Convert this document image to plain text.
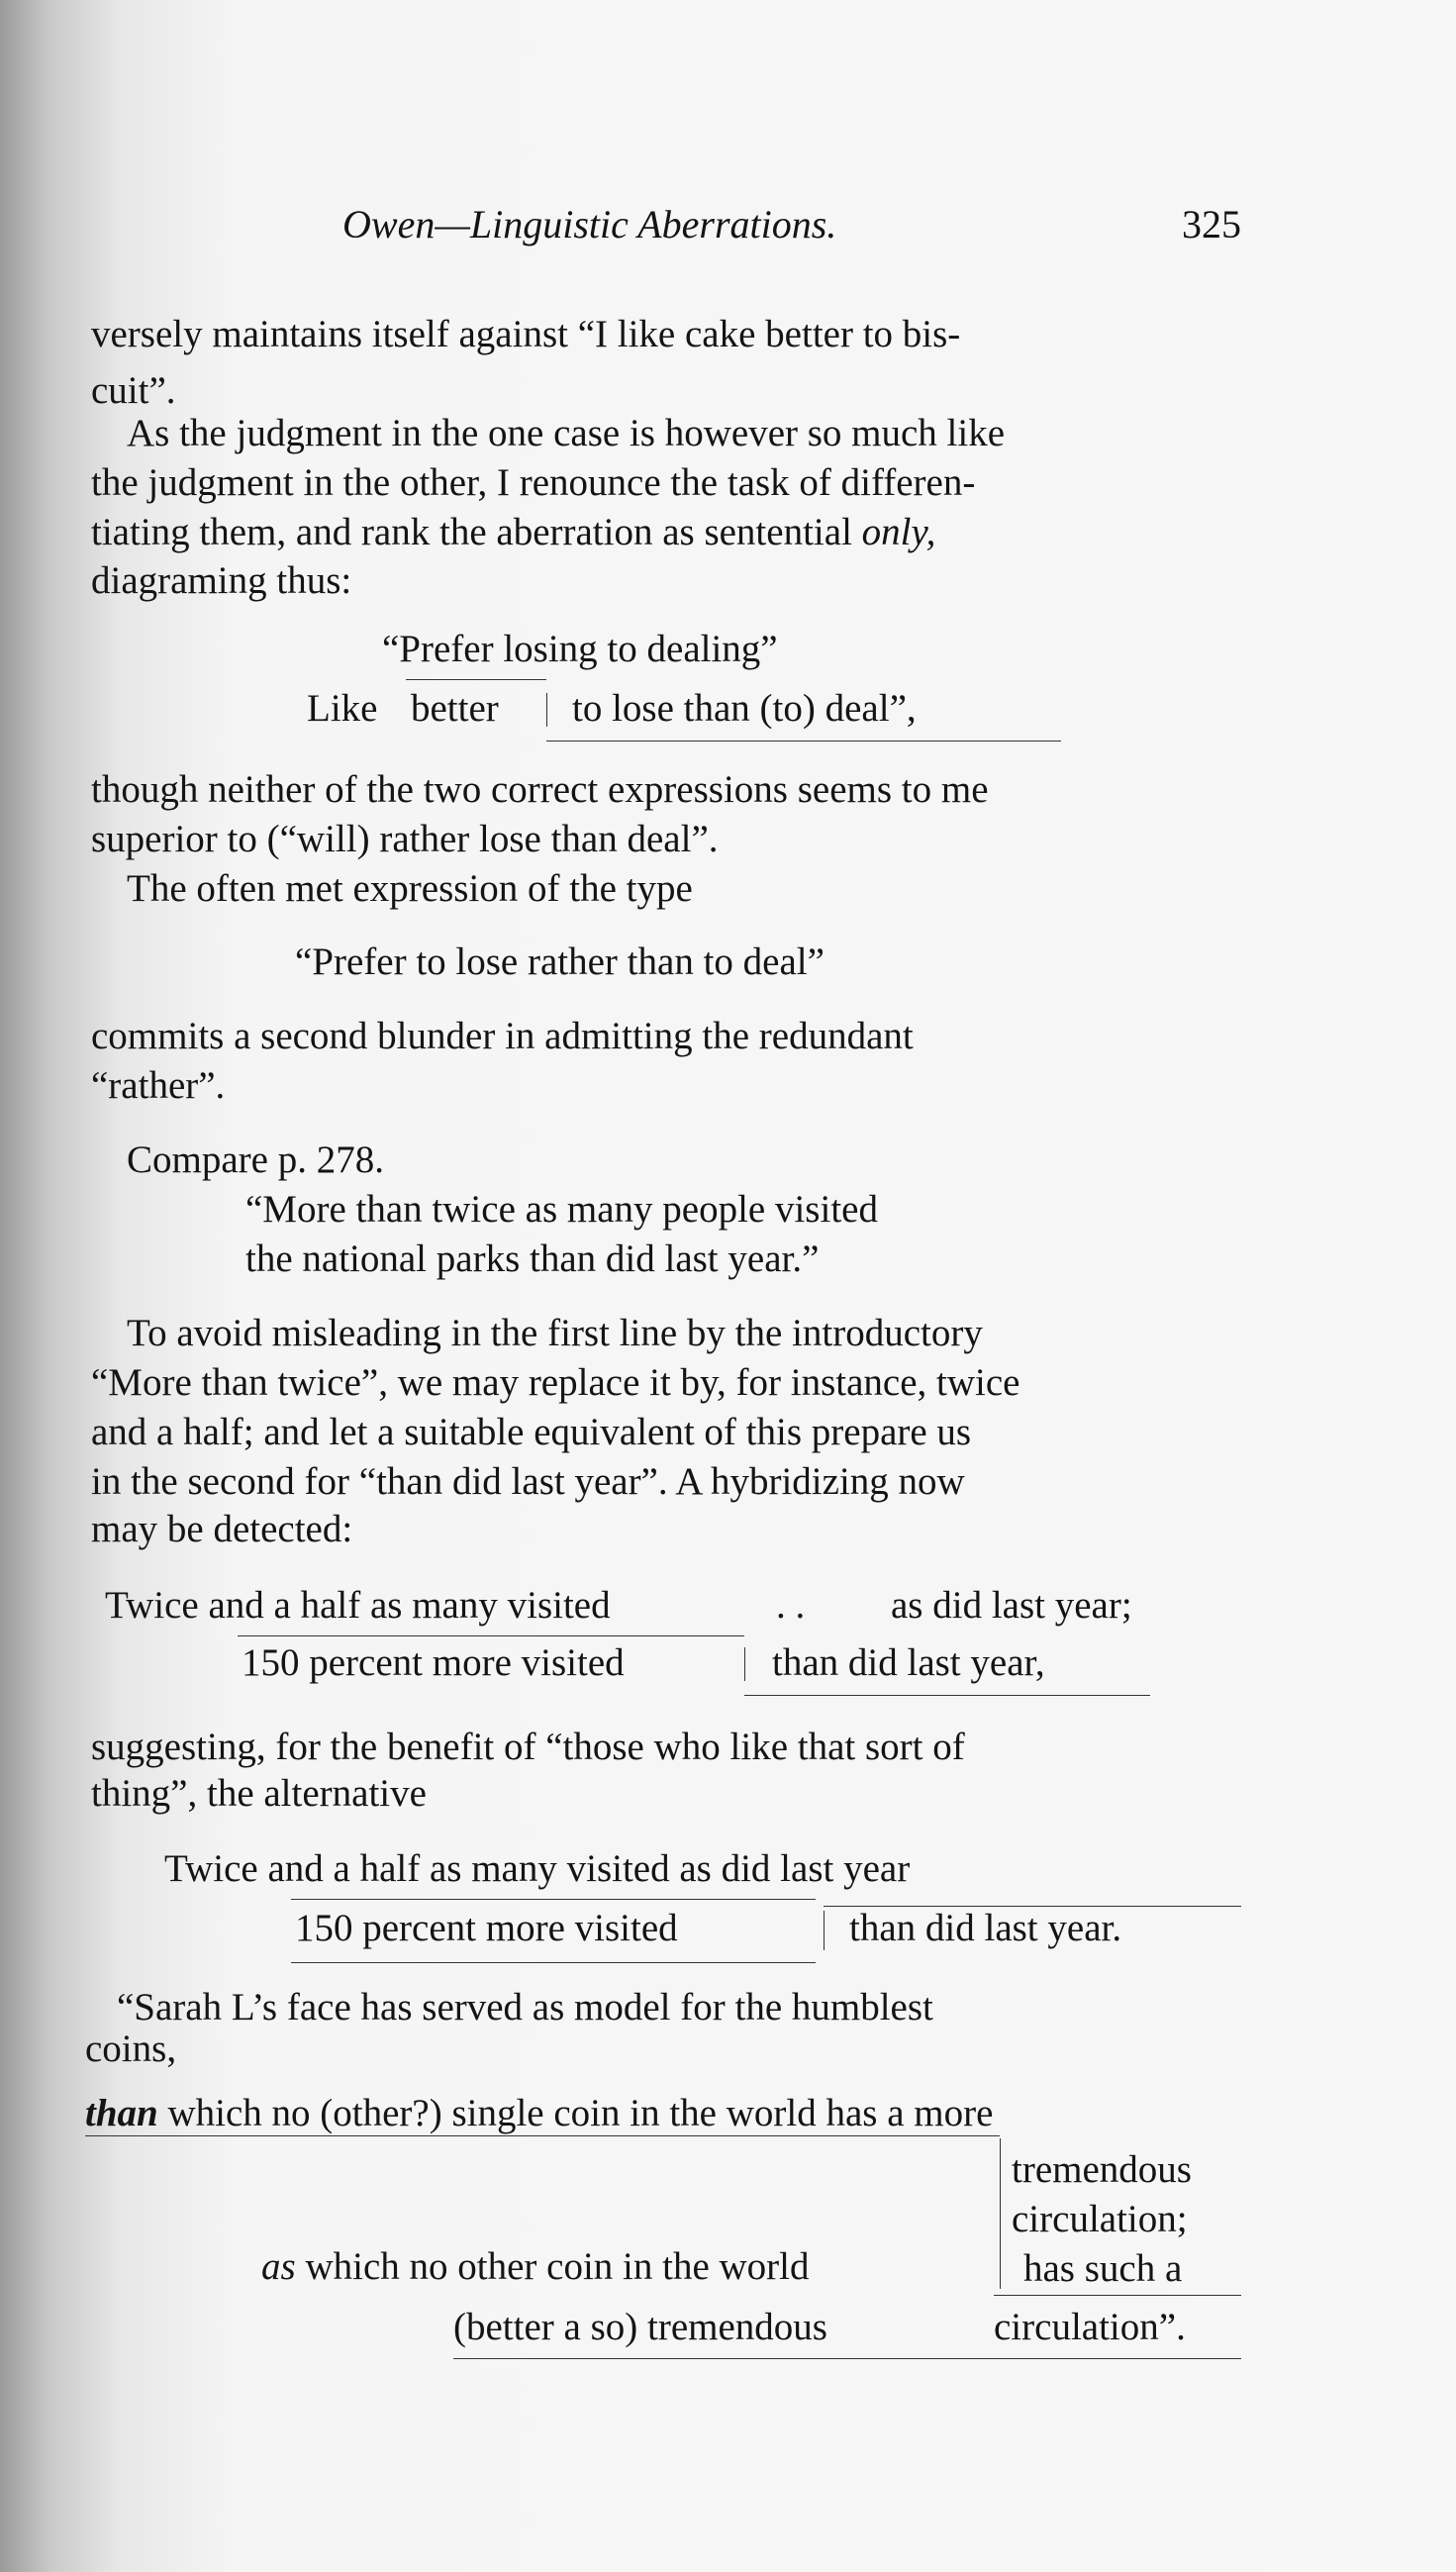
Owen—Linguistic Aberrations.	325
versely maintains itself against “I like cake better to bis-
cuit”.
As the judgment in the one case is however so much like
the judgment in the other, I renounce the task of differen-
tiating them, and rank the aberration as sentential only,
diagraming thus:
“Prefer losing to dealing”
Like better to lose than (to) deal”,
though neither of the two correct expressions seems to me
superior to (“will) rather lose than deal”.
The often met expression of the type
“Prefer to lose rather than to deal”
commits a second blunder in admitting the redundant
“rather”.
Compare p. 278.
“More than twice as many people visited
the national parks than did last year.”
To avoid misleading in the first line by the introductory
“More than twice”, we may replace it by, for instance, twice
and a half; and let a suitable equivalent of this prepare us
in the second for “than did last year”. A hybridizing now
may be detected:
Twice and a half as many visited	. . as did last year;
150 percent more visited	than did last year,
suggesting, for the benefit of “those who like that sort of
thing”, the alternative
Twice and a half as many visited as did last year
150 percent more visited	than did last year.
“Sarah L’s face has served as model for the humblest
coins,
than which no (other?) single coin in the world has a more
tremendous
circulation;
as which no other coin in the world	has such a
(better a so) tremendous	circulation”.
